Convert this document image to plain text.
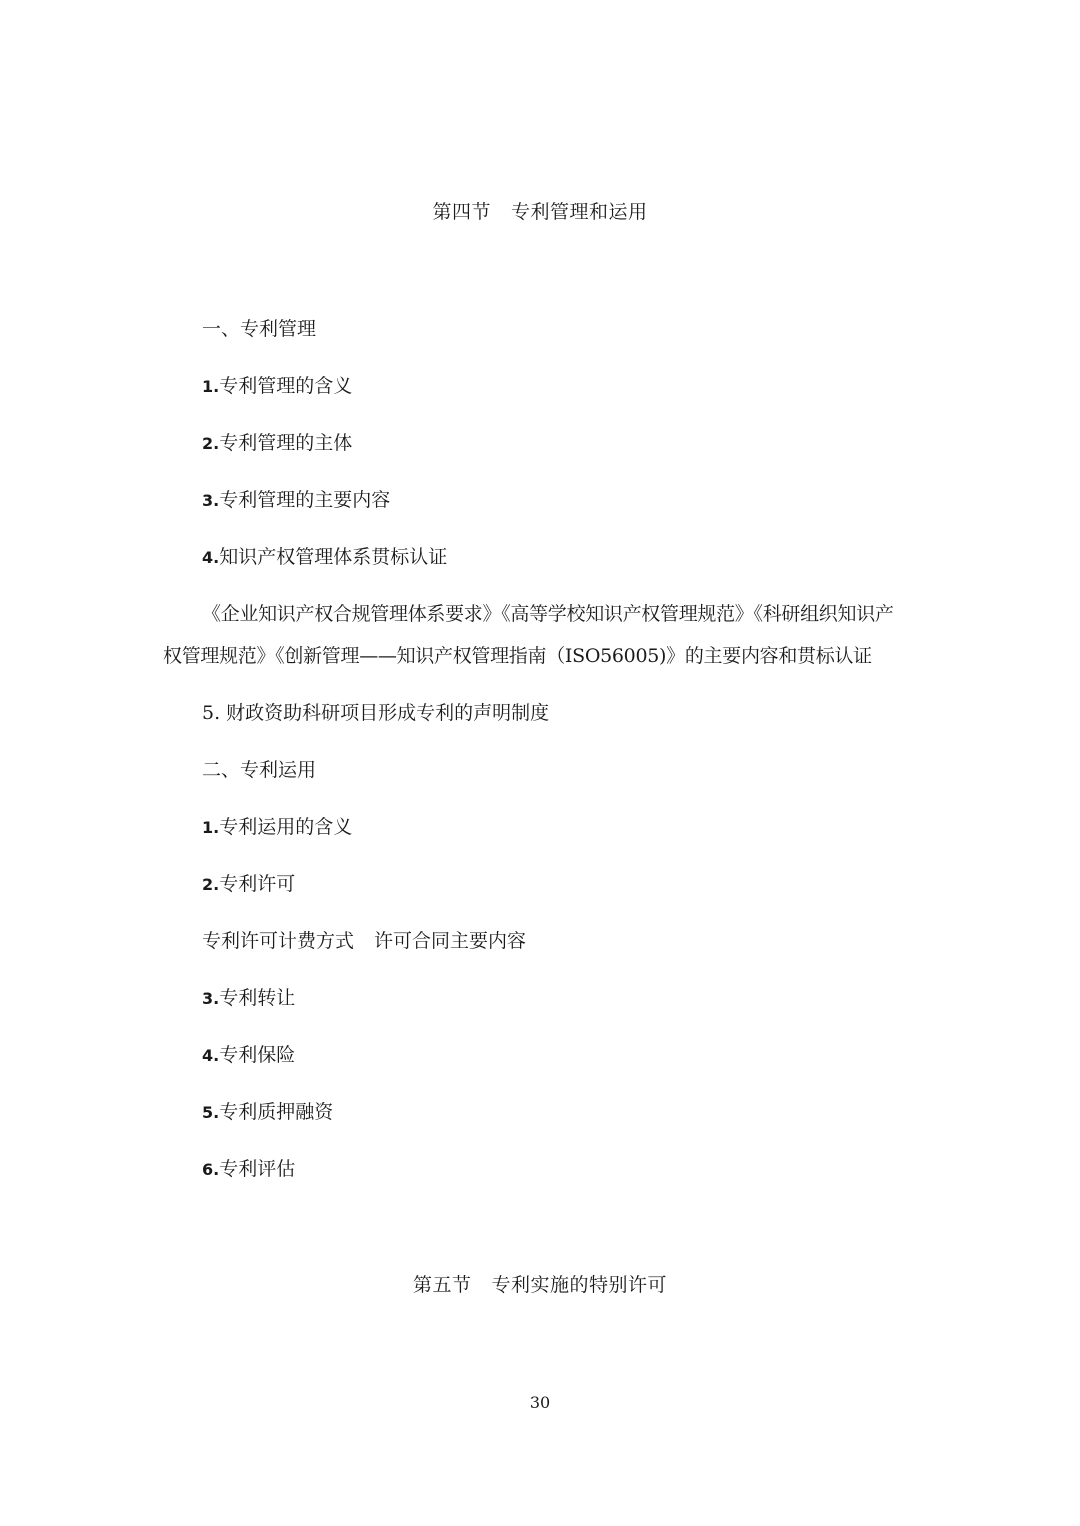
第四节 专利管理和运用
一、专利管理
1.专利管理的含义
2.专利管理的主体
3.专利管理的主要内容
4.知识产权管理体系贯标认证
《企业知识产权合规管理体系要求》《高等学校知识产权管理规范》《科研组织知识产
权管理规范》《创新管理——知识产权管理指南（ISO56005)》的主要内容和贯标认证
5. 财政资助科研项目形成专利的声明制度
二、专利运用
1.专利运用的含义
2.专利许可
专利许可计费方式 许可合同主要内容
3.专利转让
4.专利保险
5.专利质押融资
6.专利评估
第五节 专利实施的特别许可
30
